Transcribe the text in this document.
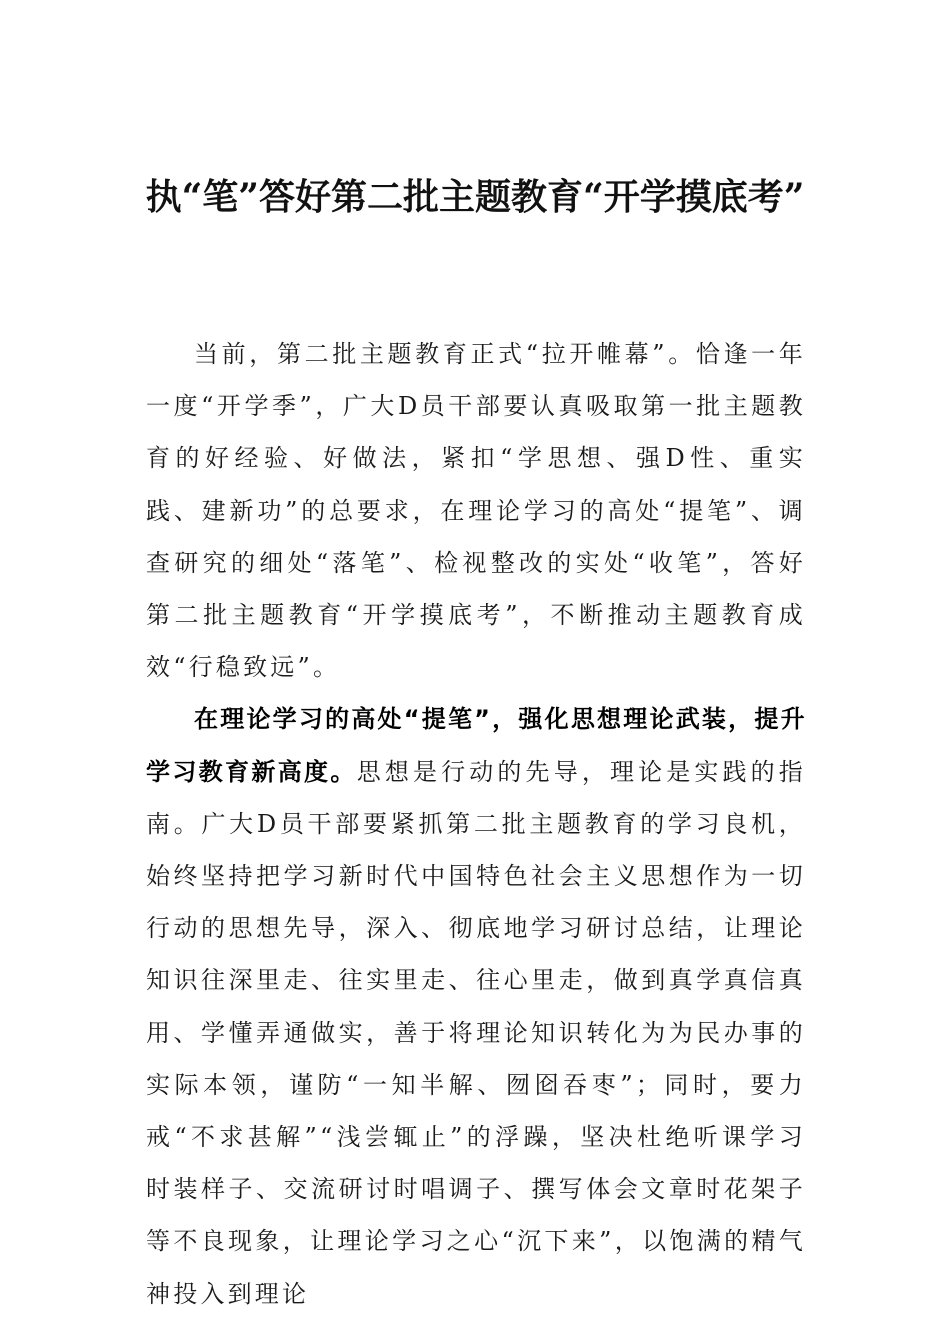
执“笔”答好第二批主题教育“开学摸底考”

当前，第二批主题教育正式“拉开帷幕”。恰逢一年一度“开学季”，广大D员干部要认真吸取第一批主题教育的好经验、好做法，紧扣“学思想、强D性、重实践、建新功”的总要求，在理论学习的高处“提笔”、调查研究的细处“落笔”、检视整改的实处“收笔”，答好第二批主题教育“开学摸底考”，不断推动主题教育成效“行稳致远”。

在理论学习的高处“提笔”，强化思想理论武装，提升学习教育新高度。思想是行动的先导，理论是实践的指南。广大D员干部要紧抓第二批主题教育的学习良机，始终坚持把学习新时代中国特色社会主义思想作为一切行动的思想先导，深入、彻底地学习研讨总结，让理论知识往深里走、往实里走、往心里走，做到真学真信真用、学懂弄通做实，善于将理论知识转化为为民办事的实际本领，谨防“一知半解、囫囵吞枣”；同时，要力戒“不求甚解”“浅尝辄止”的浮躁，坚决杜绝听课学习时装样子、交流研讨时唱调子、撰写体会文章时花架子等不良现象，让理论学习之心“沉下来”，以饱满的精气神投入到理论
